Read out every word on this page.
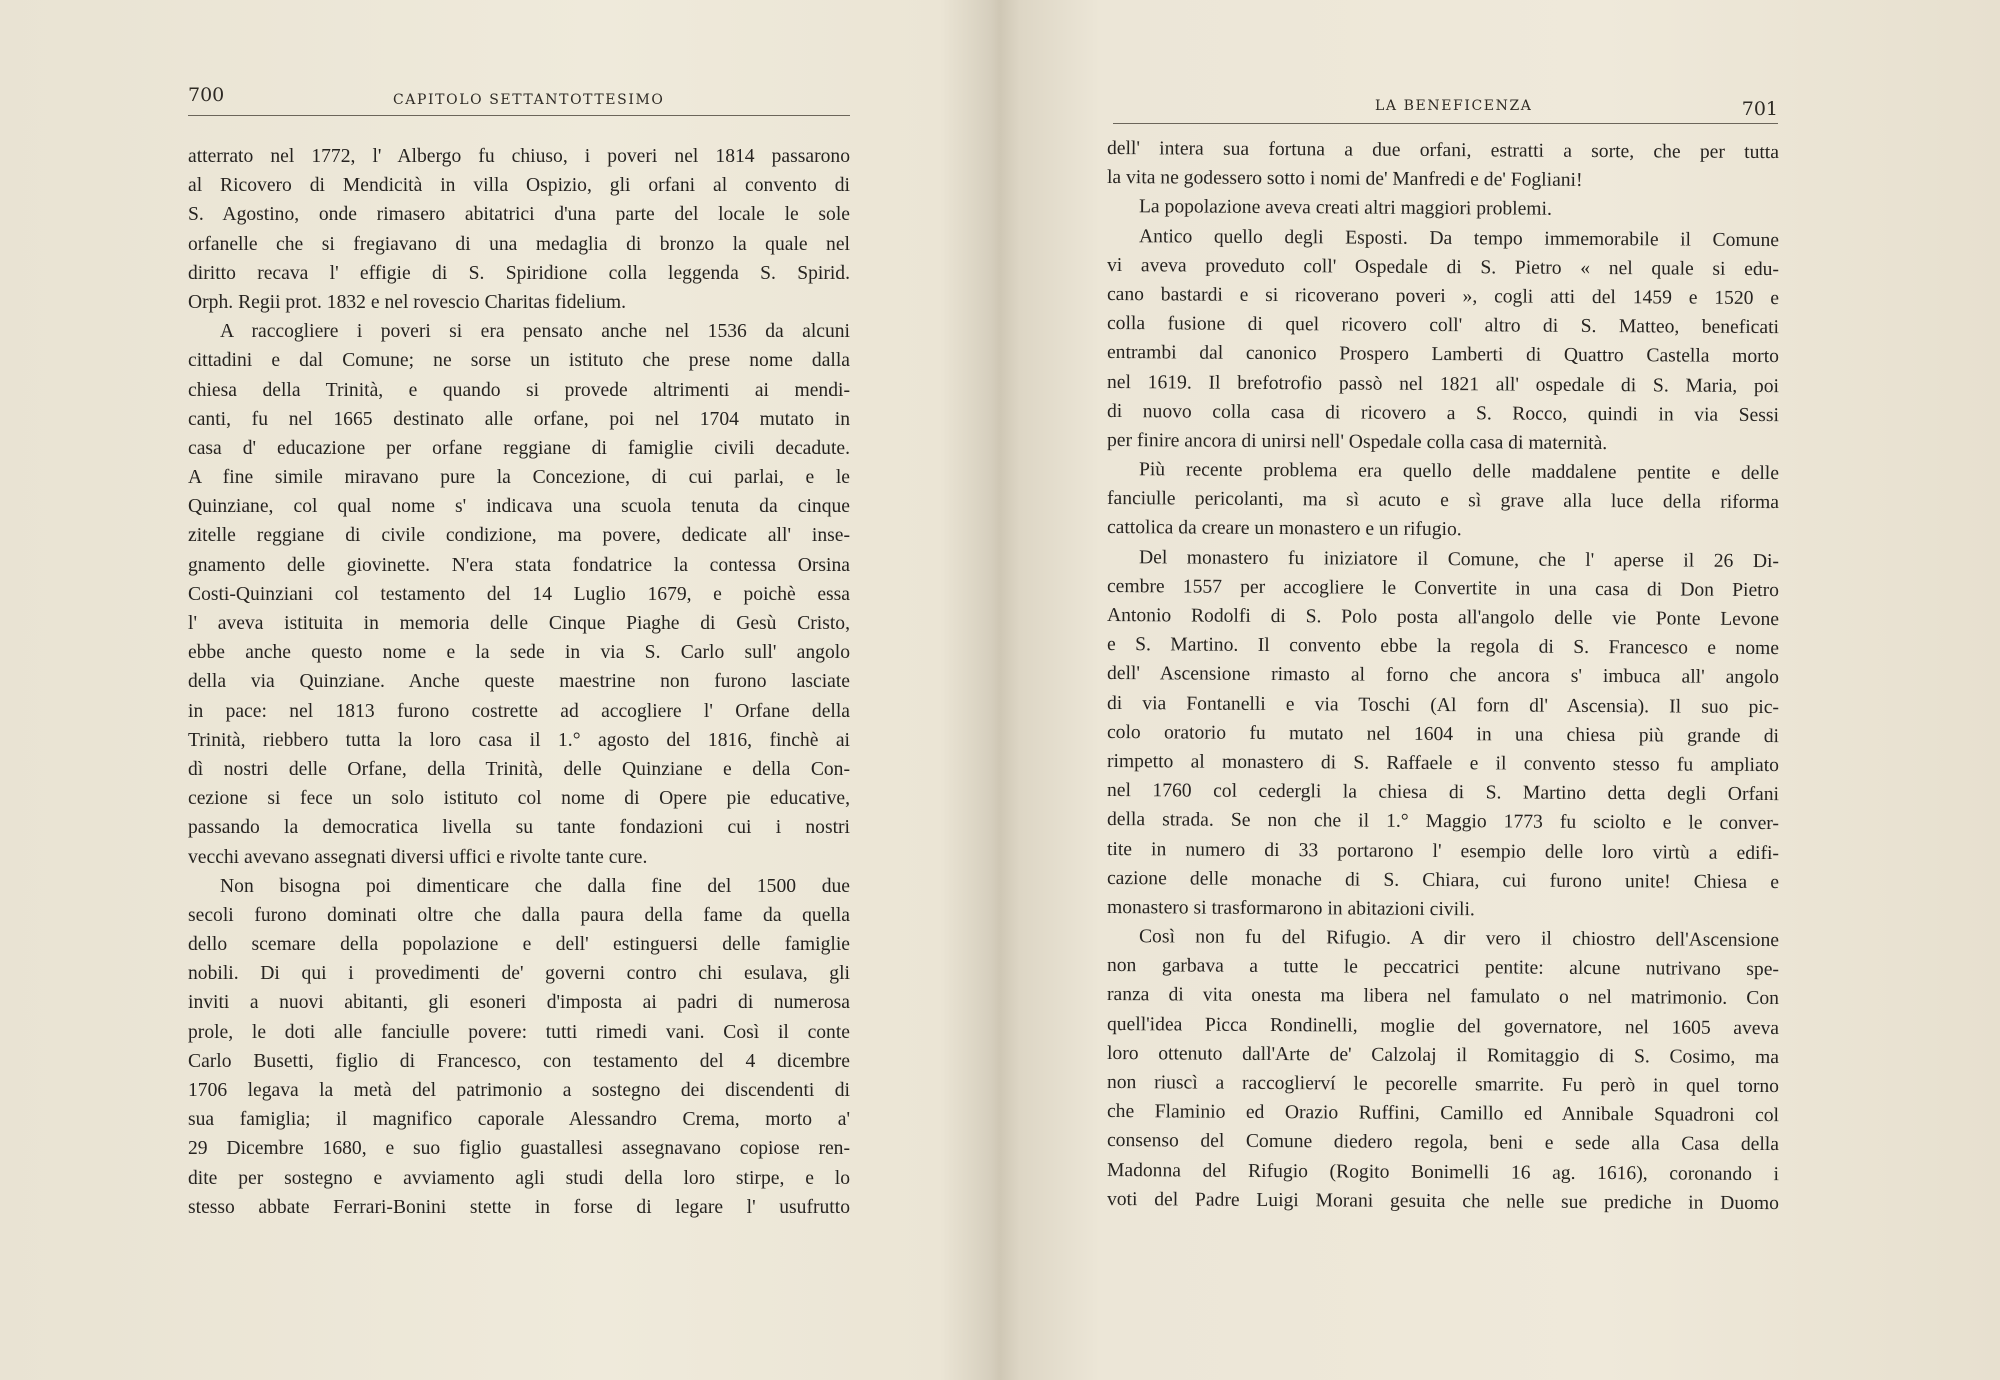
700	CAPITOLO SETTANTOTTESIMO
atterrato nel 1772, l' Albergo fu chiuso, i poveri nel 1814 passarono
al Ricovero di Mendicità in villa Ospizio, gli orfani al convento di
S. Agostino, onde rimasero abitatrici d'una parte del locale le sole
orfanelle che si fregiavano di una medaglia di bronzo la quale nel
diritto recava l' effigie di S. Spiridione colla leggenda S. Spirid.
Orph. Regii prot. 1832 e nel rovescio Charitas fidelium.
A raccogliere i poveri si era pensato anche nel 1536 da alcuni
cittadini e dal Comune; ne sorse un istituto che prese nome dalla
chiesa della Trinità, e quando si provede altrimenti ai mendi-
canti, fu nel 1665 destinato alle orfane, poi nel 1704 mutato in
casa d' educazione per orfane reggiane di famiglie civili decadute.
A fine simile miravano pure la Concezione, di cui parlai, e le
Quinziane, col qual nome s' indicava una scuola tenuta da cinque
zitelle reggiane di civile condizione, ma povere, dedicate all' inse-
gnamento delle giovinette. N'era stata fondatrice la contessa Orsina
Costi-Quinziani col testamento del 14 Luglio 1679, e poichè essa
l' aveva istituita in memoria delle Cinque Piaghe di Gesù Cristo,
ebbe anche questo nome e la sede in via S. Carlo sull' angolo
della via Quinziane. Anche queste maestrine non furono lasciate
in pace: nel 1813 furono costrette ad accogliere l' Orfane della
Trinità, riebbero tutta la loro casa il 1.° agosto del 1816, finchè ai
dì nostri delle Orfane, della Trinità, delle Quinziane e della Con-
cezione si fece un solo istituto col nome di Opere pie educative,
passando la democratica livella su tante fondazioni cui i nostri
vecchi avevano assegnati diversi uffici e rivolte tante cure.
Non bisogna poi dimenticare che dalla fine del 1500 due
secoli furono dominati oltre che dalla paura della fame da quella
dello scemare della popolazione e dell' estinguersi delle famiglie
nobili. Di qui i provedimenti de' governi contro chi esulava, gli
inviti a nuovi abitanti, gli esoneri d'imposta ai padri di numerosa
prole, le doti alle fanciulle povere: tutti rimedi vani. Così il conte
Carlo Busetti, figlio di Francesco, con testamento del 4 dicembre
1706 legava la metà del patrimonio a sostegno dei discendenti di
sua famiglia; il magnifico caporale Alessandro Crema, morto a'
29 Dicembre 1680, e suo figlio guastallesi assegnavano copiose ren-
dite per sostegno e avviamento agli studi della loro stirpe, e lo
stesso abbate Ferrari-Bonini stette in forse di legare l' usufrutto
LA BENEFICENZA	701
dell' intera sua fortuna a due orfani, estratti a sorte, che per tutta
la vita ne godessero sotto i nomi de' Manfredi e de' Fogliani!
La popolazione aveva creati altri maggiori problemi.
Antico quello degli Esposti. Da tempo immemorabile il Comune
vi aveva proveduto coll' Ospedale di S. Pietro « nel quale si edu-
cano bastardi e si ricoverano poveri », cogli atti del 1459 e 1520 e
colla fusione di quel ricovero coll' altro di S. Matteo, beneficati
entrambi dal canonico Prospero Lamberti di Quattro Castella morto
nel 1619. Il brefotrofio passò nel 1821 all' ospedale di S. Maria, poi
di nuovo colla casa di ricovero a S. Rocco, quindi in via Sessi
per finire ancora di unirsi nell' Ospedale colla casa di maternità.
Più recente problema era quello delle maddalene pentite e delle
fanciulle pericolanti, ma sì acuto e sì grave alla luce della riforma
cattolica da creare un monastero e un rifugio.
Del monastero fu iniziatore il Comune, che l' aperse il 26 Di-
cembre 1557 per accogliere le Convertite in una casa di Don Pietro
Antonio Rodolfi di S. Polo posta all'angolo delle vie Ponte Levone
e S. Martino. Il convento ebbe la regola di S. Francesco e nome
dell' Ascensione rimasto al forno che ancora s' imbuca all' angolo
di via Fontanelli e via Toschi (Al forn dl' Ascensia). Il suo pic-
colo oratorio fu mutato nel 1604 in una chiesa più grande di
rimpetto al monastero di S. Raffaele e il convento stesso fu ampliato
nel 1760 col cedergli la chiesa di S. Martino detta degli Orfani
della strada. Se non che il 1.° Maggio 1773 fu sciolto e le conver-
tite in numero di 33 portarono l' esempio delle loro virtù a edifi-
cazione delle monache di S. Chiara, cui furono unite! Chiesa e
monastero si trasformarono in abitazioni civili.
Così non fu del Rifugio. A dir vero il chiostro dell'Ascensione
non garbava a tutte le peccatrici pentite: alcune nutrivano spe-
ranza di vita onesta ma libera nel famulato o nel matrimonio. Con
quell'idea Picca Rondinelli, moglie del governatore, nel 1605 aveva
loro ottenuto dall'Arte de' Calzolaj il Romitaggio di S. Cosimo, ma
non riuscì a raccoglierví le pecorelle smarrite. Fu però in quel torno
che Flaminio ed Orazio Ruffini, Camillo ed Annibale Squadroni col
consenso del Comune diedero regola, beni e sede alla Casa della
Madonna del Rifugio (Rogito Bonimelli 16 ag. 1616), coronando i
voti del Padre Luigi Morani gesuita che nelle sue prediche in Duomo
